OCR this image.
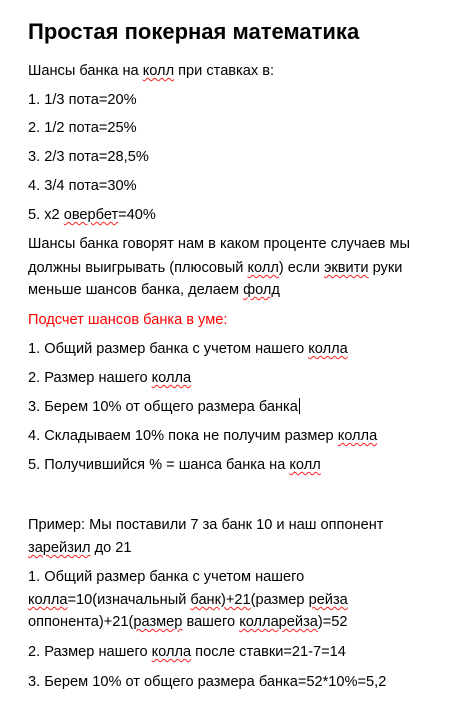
Простая покерная математика
Шансы банка на колл при ставках в:
1. 1/3 пота=20%
2. 1/2 пота=25%
3. 2/3 пота=28,5%
4. 3/4 пота=30%
5. x2 овербет=40%
Шансы банка говорят нам в каком проценте случаев мы
должны выигрывать (плюсовый колл) если эквити руки
меньше шансов банка, делаем фолд
Подсчет шансов банка в уме:
1. Общий размер банка с учетом нашего колла
2. Размер нашего колла
3. Берем 10% от общего размера банка
4. Складываем 10% пока не получим размер колла
5. Получившийся % = шанса банка на колл
Пример: Мы поставили 7 за банк 10 и наш оппонент
зарейзил до 21
1. Общий размер банка с учетом нашего
колла=10(изначальный банк)+21(размер рейза
оппонента)+21(размер вашего колларейза)=52
2. Размер нашего колла после ставки=21-7=14
3. Берем 10% от общего размера банка=52*10%=5,2
